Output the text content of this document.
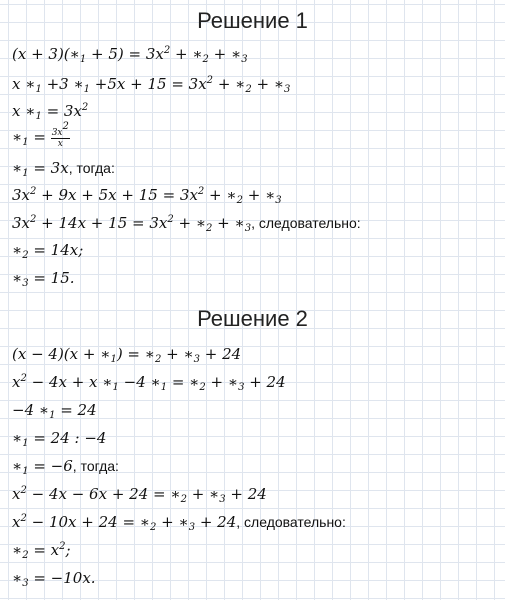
Решение 1
$(x + 3)(∗_1 + 5) = 3x^2$ + $∗_2$ + $∗_3$
x $∗_1 +3$ $∗_1 +5x + 15 = 3x^2$ + $∗_2$ + $∗_3$
x $∗_1 = 3x^2$
$∗_1 = \frac{3x^2}{x}$
$∗_1 = 3x$, тогда:
$3x^2 + 9x + 5x + 15 = 3x^2$ + $∗_2$ + $∗_3$
$3x^2 + 14x + 15 = 3x^2$ + $∗_2$ + $∗_3$, следовательно:
$∗_2 = 14x$;
$∗_3 = 15$.
Решение 2
$(x - 4)(x + ∗_1)$ = $∗_2$ + $∗_3 + 24$
$x^2 - 4x + x$ $∗_1 -4$ $∗_1$ = $∗_2$ + $∗_3 + 24$
−4 $∗_1 = 24$
$∗_1 = 24$ : −4
$∗_1 = -6$, тогда:
$x^2 - 4x - 6x + 24$ = $∗_2$ + $∗_3 + 24$
$x^2 - 10x + 24$ = $∗_2$ + $∗_3 + 24$, следовательно:
$∗_2 = x^2$;
$∗_3 = -10x$.
